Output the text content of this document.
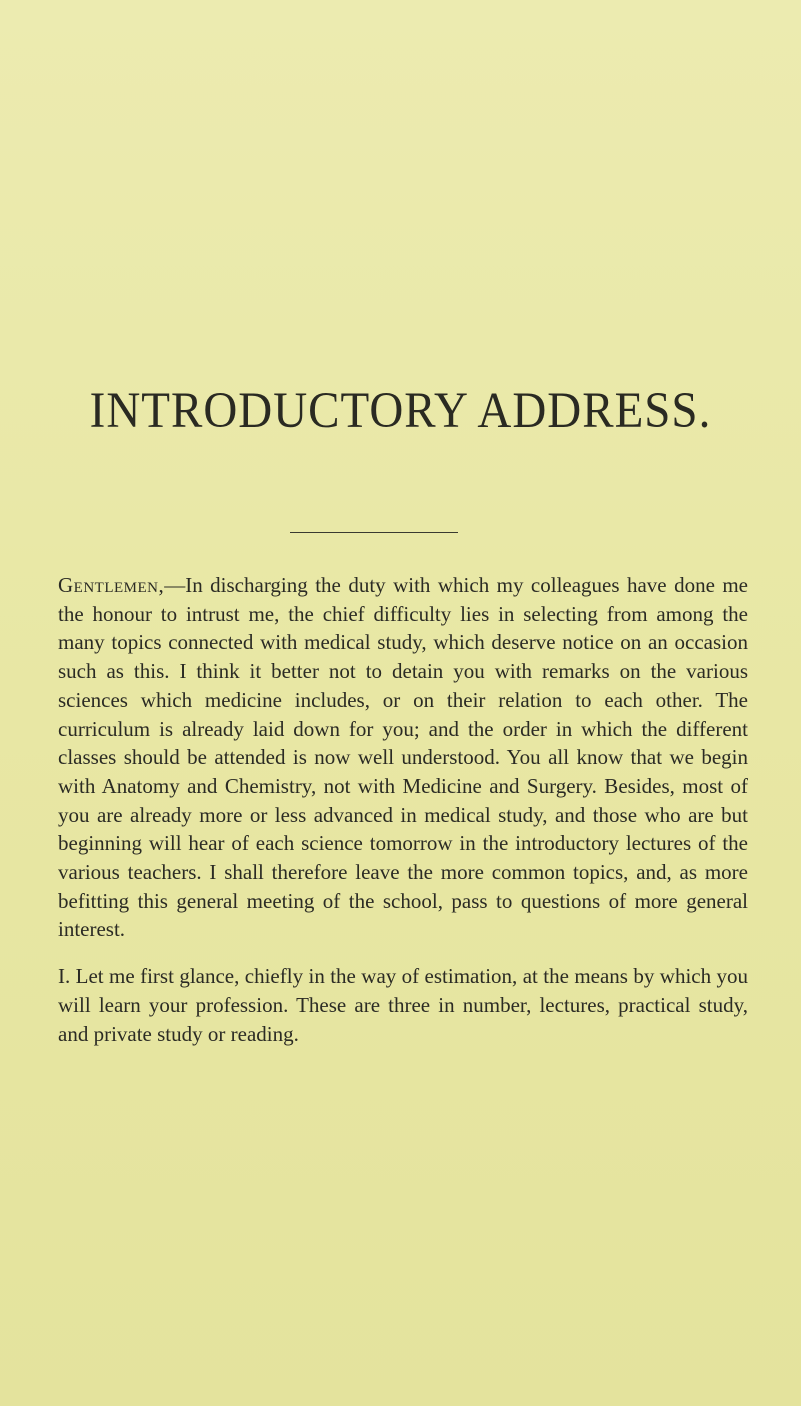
INTRODUCTORY ADDRESS.

Gentlemen,—In discharging the duty with which my colleagues have done me the honour to intrust me, the chief difficulty lies in selecting from among the many topics connected with medical study, which deserve notice on an occasion such as this. I think it better not to detain you with remarks on the various sciences which medicine includes, or on their relation to each other. The curriculum is already laid down for you; and the order in which the different classes should be attended is now well understood. You all know that we begin with Anatomy and Chemistry, not with Medicine and Surgery. Besides, most of you are already more or less advanced in medical study, and those who are but beginning will hear of each science tomorrow in the introductory lectures of the various teachers. I shall therefore leave the more common topics, and, as more befitting this general meeting of the school, pass to questions of more general interest.

I. Let me first glance, chiefly in the way of estimation, at the means by which you will learn your profession. These are three in number, lectures, practical study, and private study or reading.
